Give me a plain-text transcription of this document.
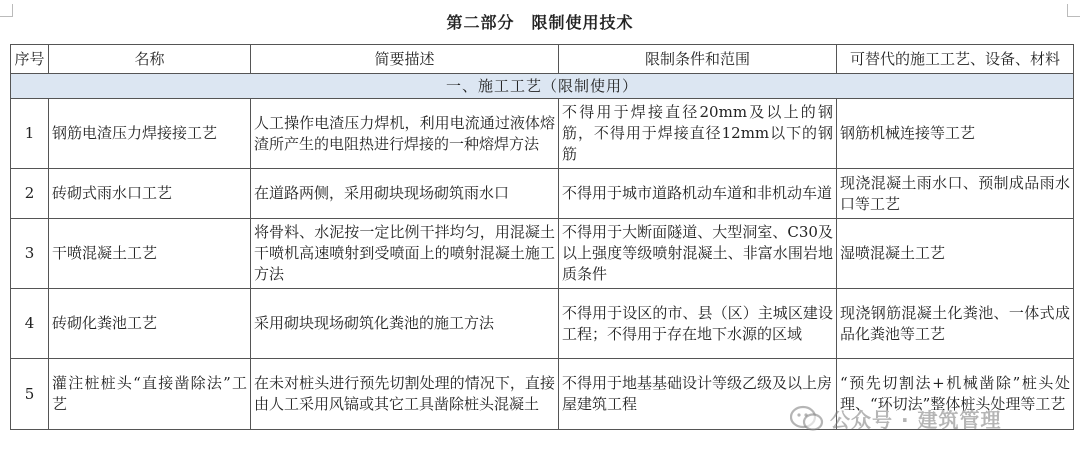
第二部分　限制使用技术
序号	名称	简要描述	限制条件和范围	可替代的施工工艺、设备、材料
一、施工工艺（限制使用）				
1	钢筋电渣压力焊接接工艺	人工操作电渣压力焊机，利用电流通过液体熔渣所产生的电阻热进行焊接的一种熔焊方法	不得用于焊接直径20mm及以上的钢筋，不得用于焊接直径12mm以下的钢筋	钢筋机械连接等工艺
2	砖砌式雨水口工艺	在道路两侧，采用砌块现场砌筑雨水口	不得用于城市道路机动车道和非机动车道	现浇混凝土雨水口、预制成品雨水口等工艺
3	干喷混凝土工艺	将骨料、水泥按一定比例干拌均匀，用混凝土干喷机高速喷射到受喷面上的喷射混凝土施工方法	不得用于大断面隧道、大型洞室、C30及以上强度等级喷射混凝土、非富水围岩地质条件	湿喷混凝土工艺
4	砖砌化粪池工艺	采用砌块现场砌筑化粪池的施工方法	不得用于设区的市、县（区）主城区建设工程；不得用于存在地下水源的区域	现浇钢筋混凝土化粪池、一体式成品化粪池等工艺
5	灌注桩桩头“直接凿除法”工艺	在未对桩头进行预先切割处理的情况下，直接由人工采用风镐或其它工具凿除桩头混凝土	不得用于地基基础设计等级乙级及以上房屋建筑工程	“预先切割法+机械凿除”桩头处理、“环切法”整体桩头处理等工艺
公众号 · 建筑管理
